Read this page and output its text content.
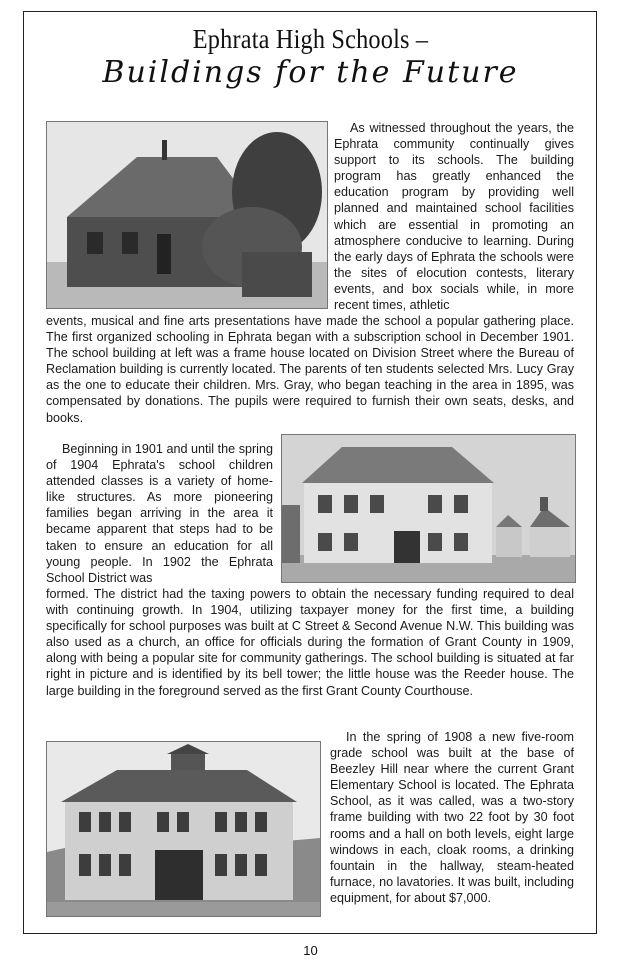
Ephrata High Schools –
Buildings for the Future
As witnessed throughout the years, the Ephrata community continually gives support to its schools. The building program has greatly enhanced the education program by providing well planned and maintained school facilities which are essential in promoting an atmosphere conducive to learning. During the early days of Ephrata the schools were the sites of elocution contests, literary events, and box socials while, in more recent times, athletic
events, musical and fine arts presentations have made the school a popular gathering place. The first organized schooling in Ephrata began with a subscription school in December 1901. The school building at left was a frame house located on Division Street where the Bureau of Reclamation building is currently located. The parents of ten students selected Mrs. Lucy Gray as the one to educate their children. Mrs. Gray, who began teaching in the area in 1895, was compensated by donations. The pupils were required to furnish their own seats, desks, and books.
Beginning in 1901 and until the spring of 1904 Ephrata's school children attended classes is a variety of home-like structures. As more pioneering families began arriving in the area it became apparent that steps had to be taken to ensure an education for all young people. In 1902 the Ephrata School District was
formed. The district had the taxing powers to obtain the necessary funding required to deal with continuing growth. In 1904, utilizing taxpayer money for the first time, a building specifically for school purposes was built at C Street & Second Avenue N.W. This building was also used as a church, an office for officials during the formation of Grant County in 1909, along with being a popular site for community gatherings. The school building is situated at far right in picture and is identified by its bell tower; the little house was the Reeder house. The large building in the foreground served as the first Grant County Courthouse.
In the spring of 1908 a new five-room grade school was built at the base of Beezley Hill near where the current Grant Elementary School is located. The Ephrata School, as it was called, was a two-story frame building with two 22 foot by 30 foot rooms and a hall on both levels, eight large windows in each, cloak rooms, a drinking fountain in the hallway, steam-heated furnace, no lavatories. It was built, including equipment, for about $7,000.
10
